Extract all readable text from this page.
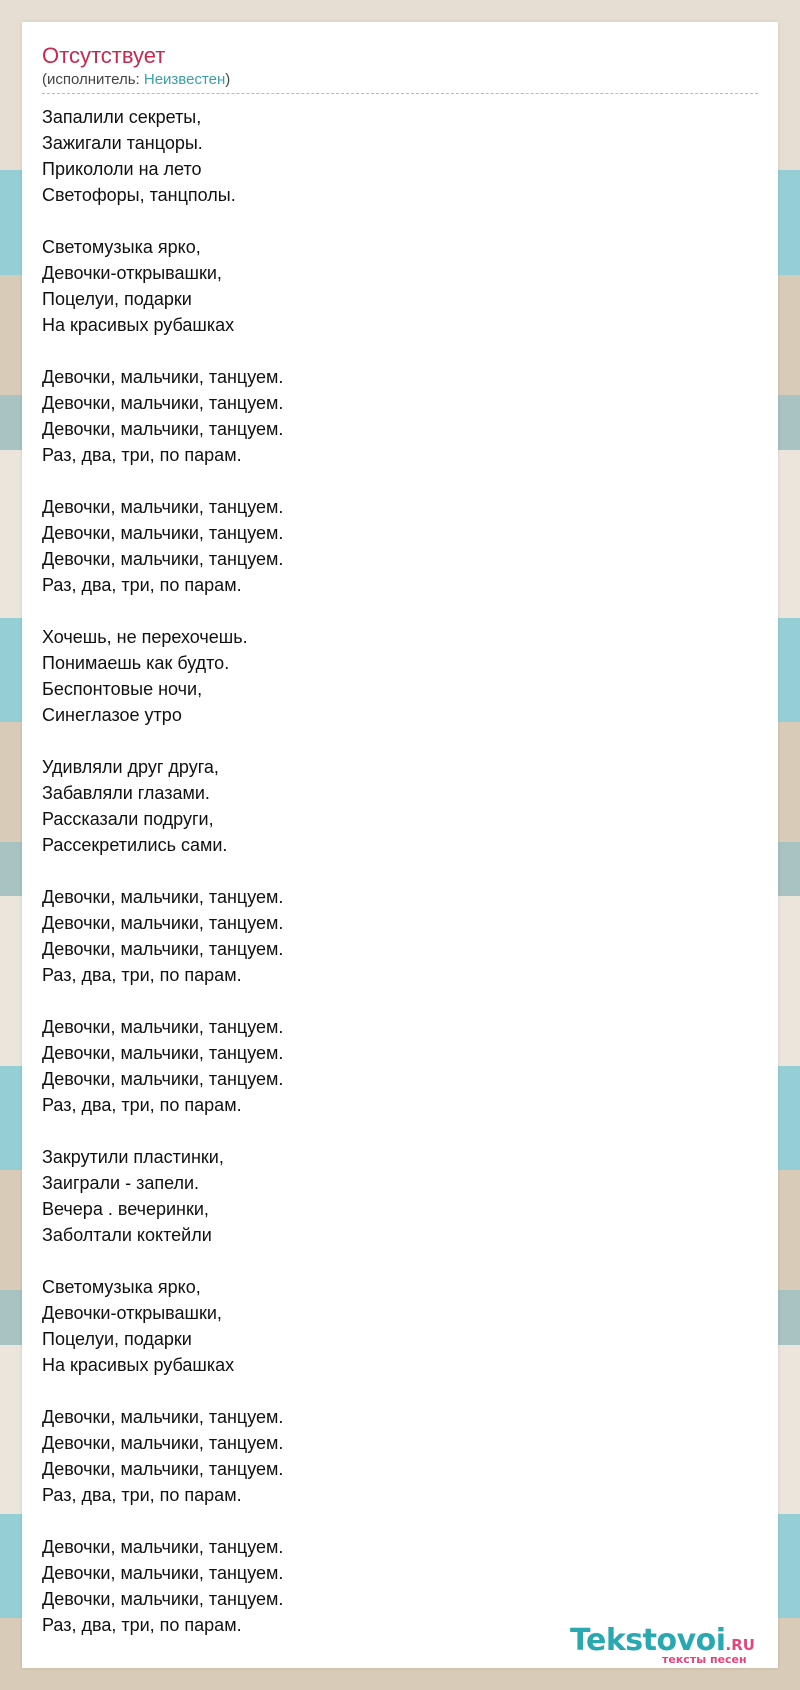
Отсутствует
(исполнитель: Неизвестен)
Запалили секреты,
Зажигали танцоры.
Прикололи на лето
Светофоры, танцполы.
Светомузыка ярко,
Девочки-открывашки,
Поцелуи, подарки
На красивых рубашках
Девочки, мальчики, танцуем.
Девочки, мальчики, танцуем.
Девочки, мальчики, танцуем.
Раз, два, три, по парам.
Девочки, мальчики, танцуем.
Девочки, мальчики, танцуем.
Девочки, мальчики, танцуем.
Раз, два, три, по парам.
Хочешь, не перехочешь.
Понимаешь как будто.
Беспонтовые ночи,
Синеглазое утро
Удивляли друг друга,
Забавляли глазами.
Рассказали подруги,
Рассекретились сами.
Девочки, мальчики, танцуем.
Девочки, мальчики, танцуем.
Девочки, мальчики, танцуем.
Раз, два, три, по парам.
Девочки, мальчики, танцуем.
Девочки, мальчики, танцуем.
Девочки, мальчики, танцуем.
Раз, два, три, по парам.
Закрутили пластинки,
Заиграли - запели.
Вечера . вечеринки,
Заболтали коктейли
Светомузыка ярко,
Девочки-открывашки,
Поцелуи, подарки
На красивых рубашках
Девочки, мальчики, танцуем.
Девочки, мальчики, танцуем.
Девочки, мальчики, танцуем.
Раз, два, три, по парам.
Девочки, мальчики, танцуем.
Девочки, мальчики, танцуем.
Девочки, мальчики, танцуем.
Раз, два, три, по парам.	Tekstovoi.RU
тексты песен
